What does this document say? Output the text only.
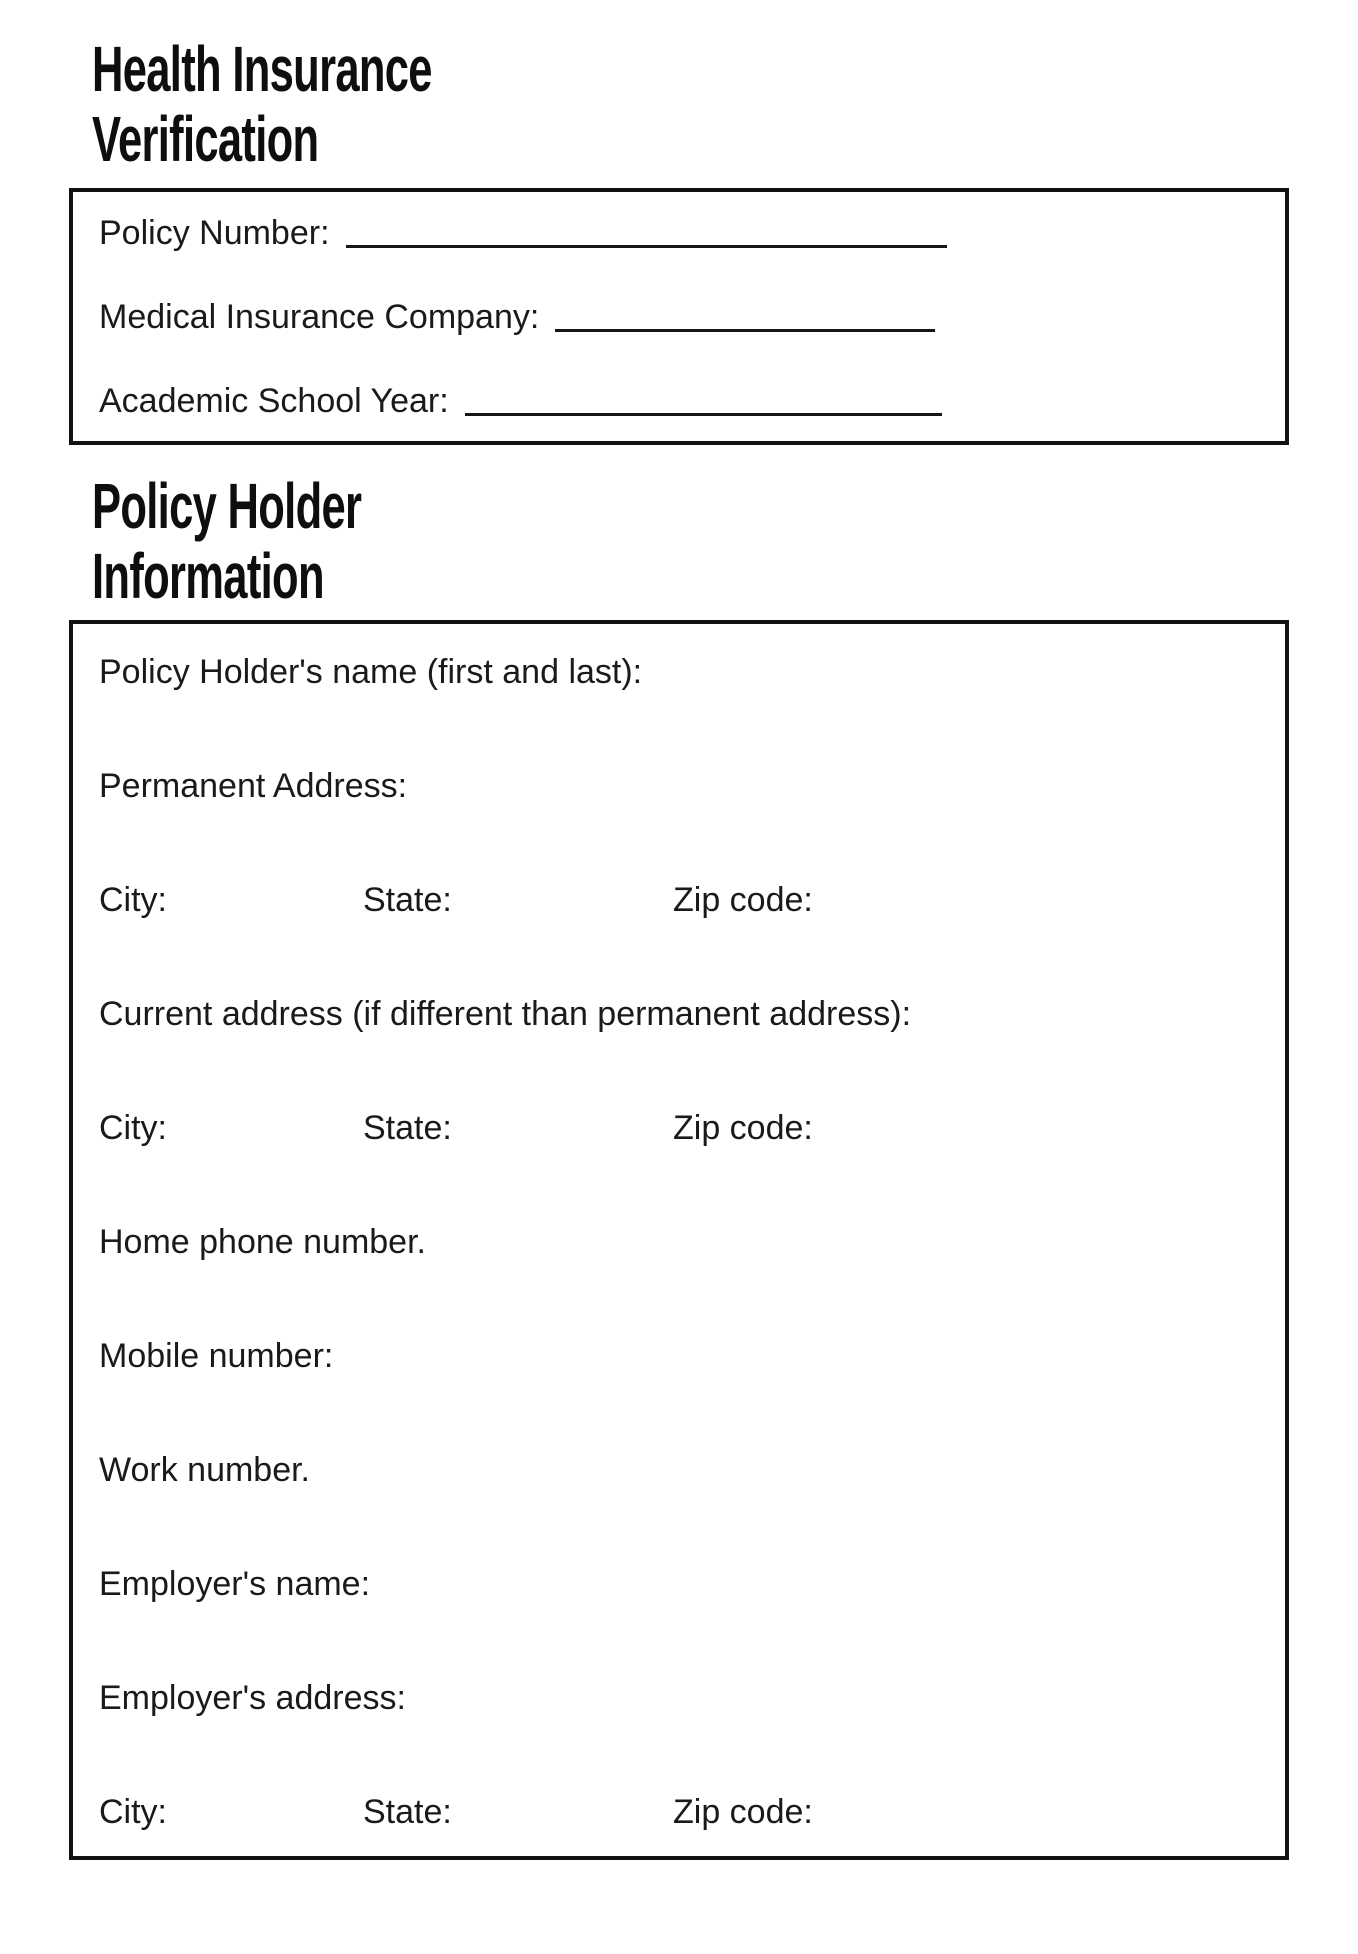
Health Insurance
Verification
Policy Number:
Medical Insurance Company:
Academic School Year:
Policy Holder
Information
Policy Holder's name (first and last):
Permanent Address:
City:	State:	Zip code:
Current address (if different than permanent address):
City:	State:	Zip code:
Home phone number.
Mobile number:
Work number.
Employer's name:
Employer's address:
City:	State:	Zip code:
